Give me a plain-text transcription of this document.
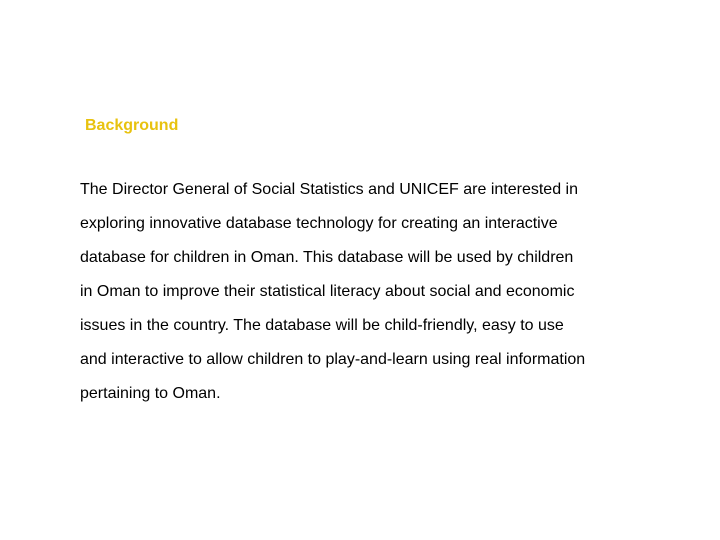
Background
The Director General of Social Statistics and UNICEF are interested in
exploring innovative database technology for creating an interactive
database for children in Oman. This database will be used by children
in Oman to improve their statistical literacy about social and economic
issues in the country. The database will be child-friendly, easy to use
and interactive to allow children to play-and-learn using real information
pertaining to Oman.
